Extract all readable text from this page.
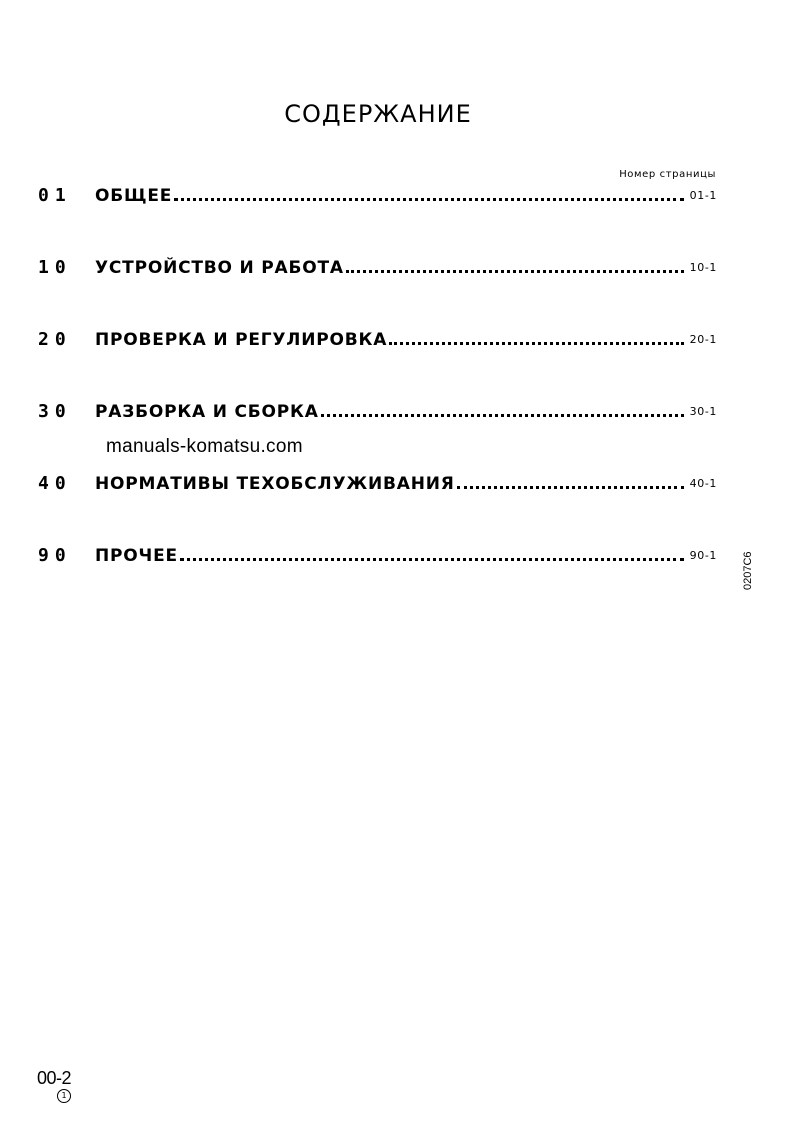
СОДЕРЖАНИЕ
Номер страницы
01	ОБЩЕЕ	01-1
10	УСТРОЙСТВО И РАБОТА	10-1
20	ПРОВЕРКА И РЕГУЛИРОВКА	20-1
30	РАЗБОРКА И СБОРКА	30-1
40	НОРМАТИВЫ ТЕХОБСЛУЖИВАНИЯ	40-1
90	ПРОЧЕЕ	90-1
manuals-komatsu.com
0207C6
00-2
1
